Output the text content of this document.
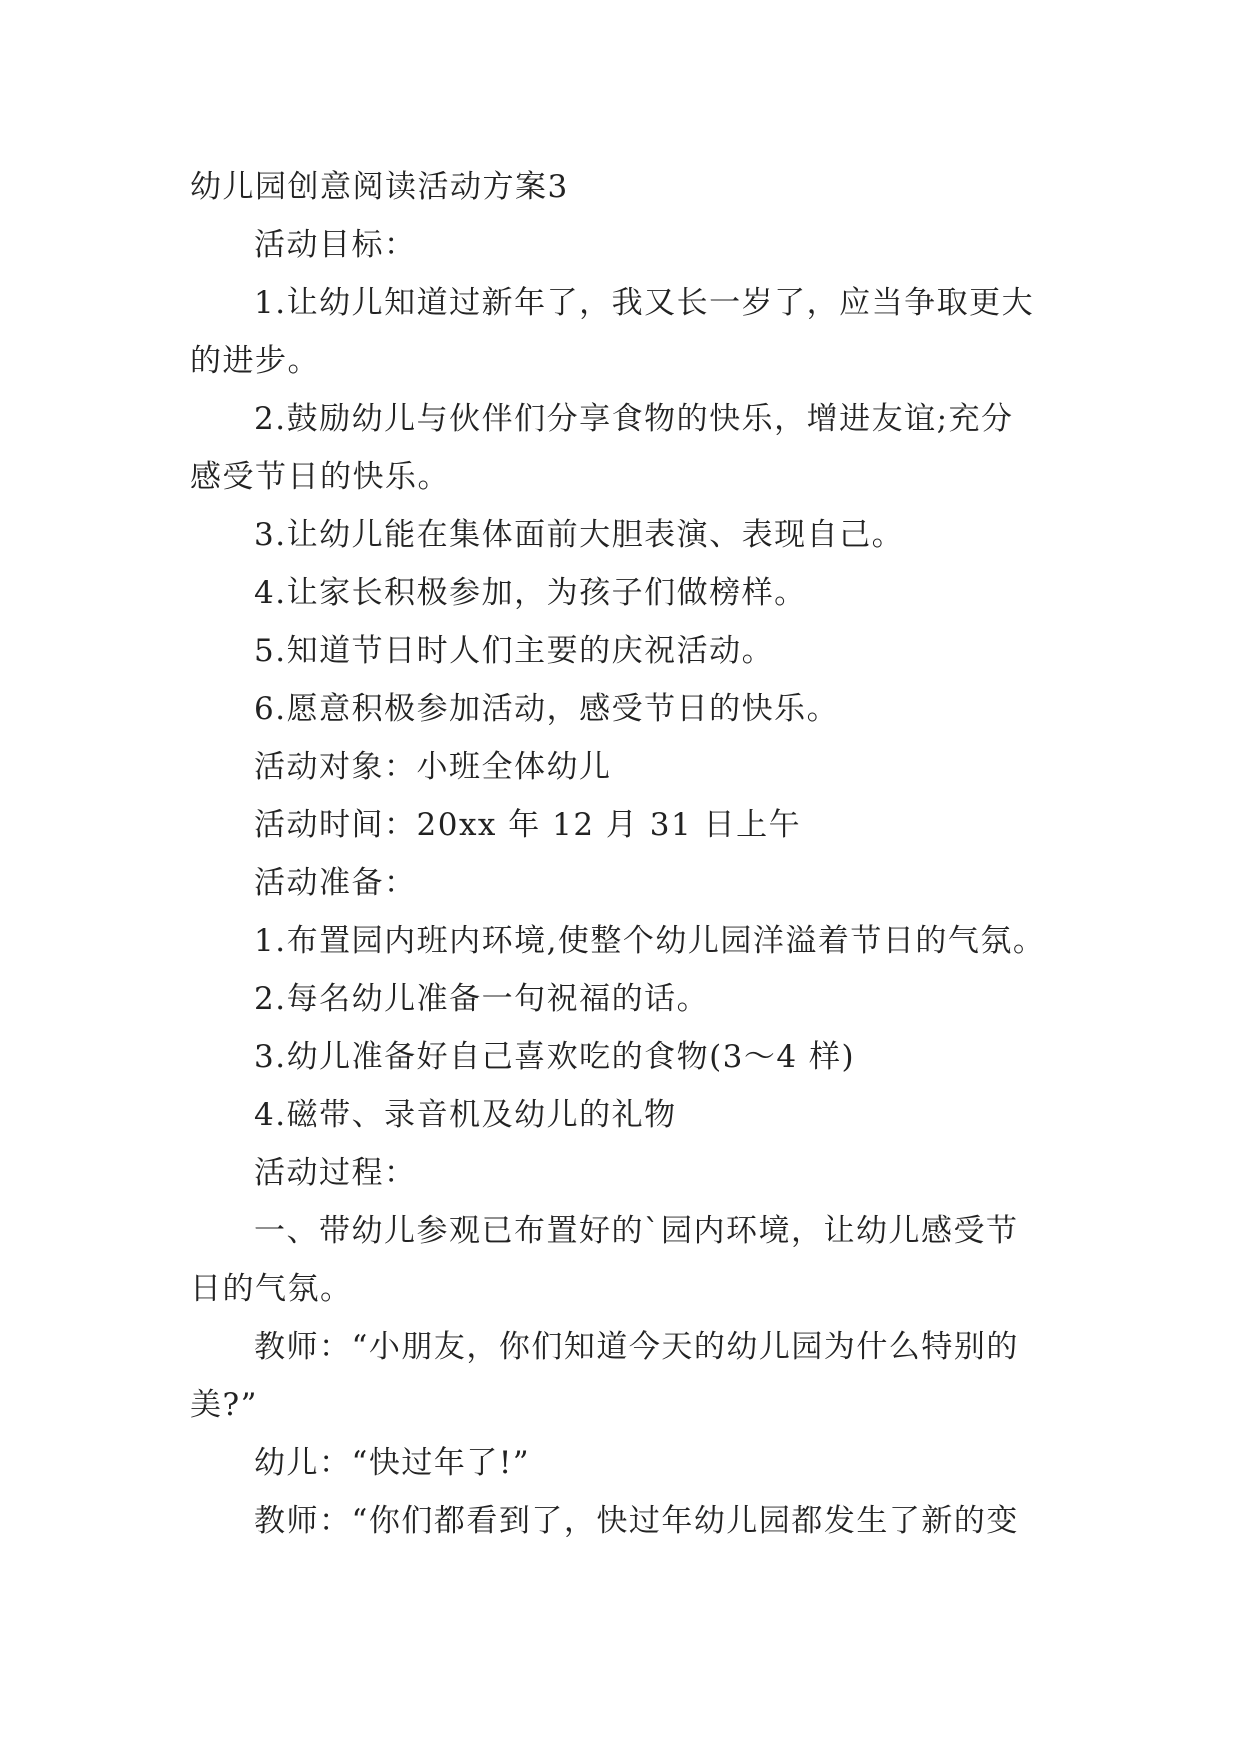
幼儿园创意阅读活动方案3
活动目标：
1.让幼儿知道过新年了，我又长一岁了，应当争取更大
的进步。
2.鼓励幼儿与伙伴们分享食物的快乐，增进友谊;充分
感受节日的快乐。
3.让幼儿能在集体面前大胆表演、表现自己。
4.让家长积极参加，为孩子们做榜样。
5.知道节日时人们主要的庆祝活动。
6.愿意积极参加活动，感受节日的快乐。
活动对象：小班全体幼儿
活动时间：20xx 年 12 月 31 日上午
活动准备：
1.布置园内班内环境,使整个幼儿园洋溢着节日的气氛。
2.每名幼儿准备一句祝福的话。
3.幼儿准备好自己喜欢吃的食物(3～4 样)
4.磁带、录音机及幼儿的礼物
活动过程：
一、带幼儿参观已布置好的`园内环境，让幼儿感受节
日的气氛。
教师：“小朋友，你们知道今天的幼儿园为什么特别的
美?”
幼儿：“快过年了!”
教师：“你们都看到了，快过年幼儿园都发生了新的变
